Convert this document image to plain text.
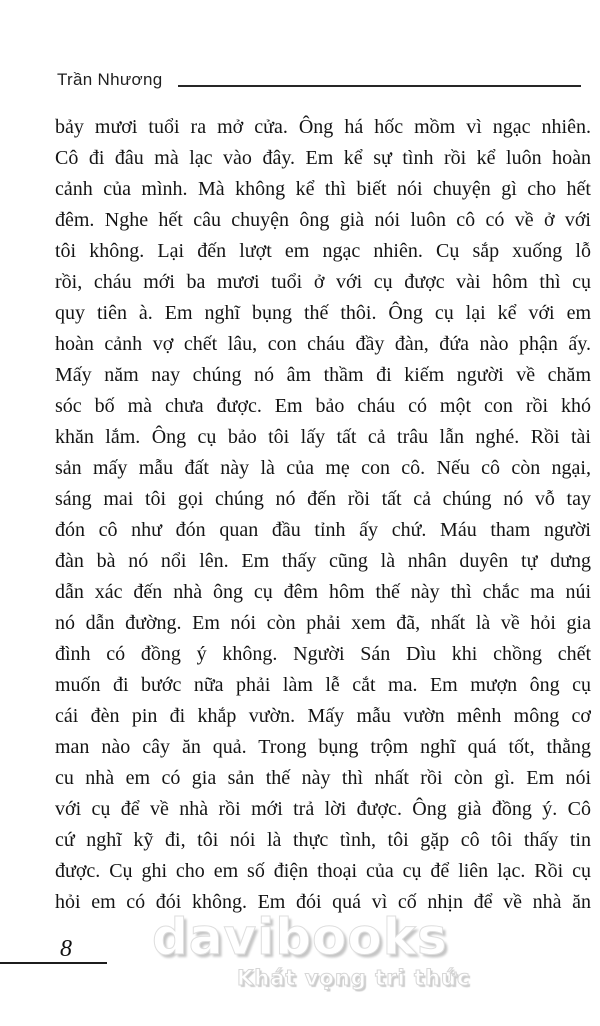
Trần Nhương
bảy mươi tuổi ra mở cửa. Ông há hốc mồm vì ngạc nhiên.
Cô đi đâu mà lạc vào đây. Em kể sự tình rồi kể luôn hoàn
cảnh của mình. Mà không kể thì biết nói chuyện gì cho hết
đêm. Nghe hết câu chuyện ông già nói luôn cô có về ở với
tôi không. Lại đến lượt em ngạc nhiên. Cụ sắp xuống lỗ
rồi, cháu mới ba mươi tuổi ở với cụ được vài hôm thì cụ
quy tiên à. Em nghĩ bụng thế thôi. Ông cụ lại kể với em
hoàn cảnh vợ chết lâu, con cháu đầy đàn, đứa nào phận ấy.
Mấy năm nay chúng nó âm thầm đi kiếm người về chăm
sóc bố mà chưa được. Em bảo cháu có một con rồi khó
khăn lắm. Ông cụ bảo tôi lấy tất cả trâu lẫn nghé. Rồi tài
sản mấy mẫu đất này là của mẹ con cô. Nếu cô còn ngại,
sáng mai tôi gọi chúng nó đến rồi tất cả chúng nó vỗ tay
đón cô như đón quan đầu tỉnh ấy chứ. Máu tham người
đàn bà nó nổi lên. Em thấy cũng là nhân duyên tự dưng
dẫn xác đến nhà ông cụ đêm hôm thế này thì chắc ma núi
nó dẫn đường. Em nói còn phải xem đã, nhất là về hỏi gia
đình có đồng ý không. Người Sán Dìu khi chồng chết
muốn đi bước nữa phải làm lễ cắt ma. Em mượn ông cụ
cái đèn pin đi khắp vườn. Mấy mẫu vườn mênh mông cơ
man nào cây ăn quả. Trong bụng trộm nghĩ quá tốt, thằng
cu nhà em có gia sản thế này thì nhất rồi còn gì. Em nói
với cụ để về nhà rồi mới trả lời được. Ông già đồng ý. Cô
cứ nghĩ kỹ đi, tôi nói là thực tình, tôi gặp cô tôi thấy tin
được. Cụ ghi cho em số điện thoại của cụ để liên lạc. Rồi cụ
hỏi em có đói không. Em đói quá vì cố nhịn để về nhà ăn
davibooks
Khát vọng tri thức
8
